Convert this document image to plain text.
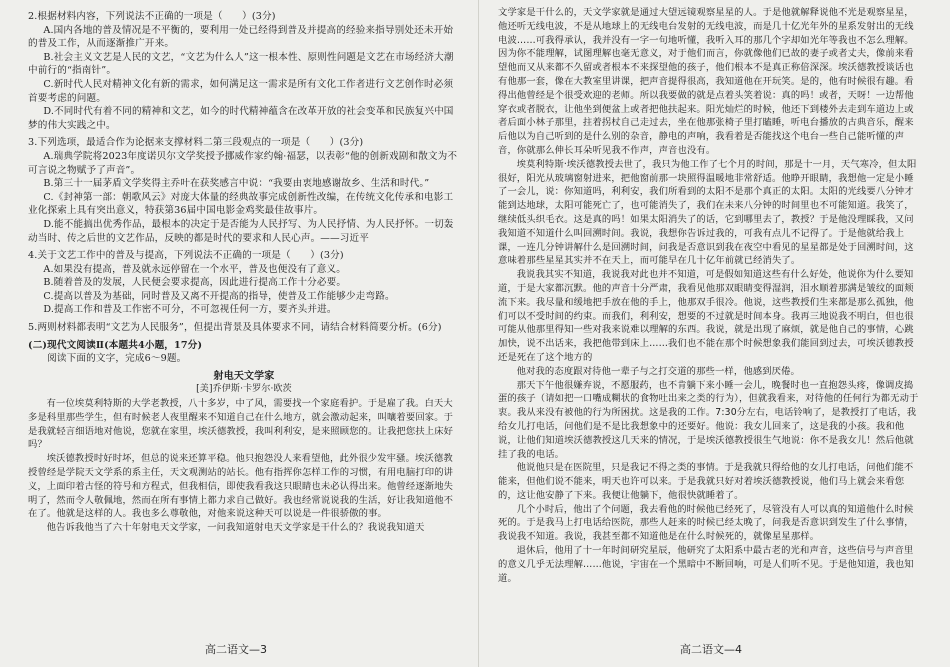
2.根据材料内容，下列说法不正确的一项是（　　）(3分)

A.国内各地的普及情况是不平衡的，要利用一处已经得到普及并提高的经验来指导别处还未开始的普及工作，从而逐渐推广开来。

B.社会主义文艺是人民的文艺，“文艺为什么人”这一根本性、原则性问题是文艺在市场经济大潮中前行的“指南针”。

C.新时代人民对精神文化有新的需求，如何满足这一需求是所有文化工作者进行文艺创作时必须首要考虑的问题。

D.不同时代有着不同的精神和文艺，如今的时代精神蕴含在改革开放的社会变革和民族复兴中国梦的伟大实践之中。

3.下列选项，最适合作为论据来支撑材料二第三段观点的一项是（　　）(3分)

A.瑞典学院将2023年度诺贝尔文学奖授予挪威作家约翰·福瑟，以表彰“他的创新戏剧和散文为不可言说之物赋予了声音”。

B.第三十一届茅盾文学奖得主乔叶在获奖感言中说：“我要由衷地感谢故乡、生活和时代。”

C.《封神第一部：朝歌风云》对庞大体量的经典故事完成创新性改编，在传统文化传承和电影工业化探索上具有突出意义，特获第36届中国电影金鸡奖最佳故事片。

D.能不能搞出优秀作品，最根本的决定于是否能为人民抒写、为人民抒情、为人民抒怀。一切轰动当时、传之后世的文艺作品，反映的都是时代的要求和人民心声。——习近平

4.关于文艺工作中的普及与提高，下列说法不正确的一项是（　　）(3分)

A.如果没有提高，普及就永远停留在一个水平，普及也便没有了意义。

B.随着普及的发展，人民便会要求提高，因此进行提高工作十分必要。

C.提高以普及为基础，同时普及又离不开提高的指导，使普及工作能够少走弯路。

D.提高工作和普及工作密不可分，不可忽视任何一方，要齐头并进。

5.两则材料都表明“文艺为人民服务”，但提出背景及具体要求不同，请结合材料简要分析。(6分)

(二)现代文阅读Ⅱ(本题共4小题，17分)

阅读下面的文字，完成6～9题。

射电天文学家

[美]乔伊斯·卡罗尔·欧茨

有一位埃莫利特斯的大学老教授，八十多岁，中了风，需要找一个家庭看护。于是雇了我。白天大多是科里那些学生，但有时候老人夜里醒来不知道自己在什么地方，就会激动起来，叫嚷着要回家。于是我就轻言细语地对他说，您就在家里，埃沃德教授，我叫利利安，是来照顾您的。让我把您扶上床好吗？

埃沃德教授时好时坏，但总的说来还算平稳。他只抱怨没人来看望他，此外很少发牢骚。埃沃德教授曾经是学院天文学系的系主任，天文观测站的站长。他有指挥你怎样工作的习惯，有用电脑打印的讲义，上面印着古怪的符号和方程式，但我相信，即使我看我这只眼睛也未必认得出来。他曾经逐渐地失明了，然而令人敬佩地，然而在所有事情上都力求自己做好。我也经常说说我的生活，好让我知道他不在了。他就是这样的人。我也多么尊敬他，对他来说这种天可以说是一件很骄傲的事。

他告诉我他当了六十年射电天文学家，一问我知道射电天文学家是干什么的？我说我知道天

文学家是干什么的，天文学家就是通过大望远镜观察星星的人。于是他就解释说他不光是观察星星，他还听无线电波，不是从地球上的无线电台发射的无线电波，而是几十亿光年外的星系发射出的无线电波……可我得承认，我并没有一字一句地听懂，我听入耳的那几个字却如光年等我也不怎么理解。因为你不能理解，试图理解也毫无意义，对于他们而言，你就像他们已故的妻子或者丈夫，像前来看望他而又从来都不久留或者根本不来探望他的孩子，他们根本不是真正称倍深深。埃沃德教授谈话也有他那一套，像在大教室里讲课，把声音提得很高，我知道他在开玩笑。是的，他有时候很有趣。看得出他曾经是个很受欢迎的老师。所以我要做的就是点着头笑着说：真的吗！或者，天呀！一边帮他穿衣或者脱衣，让他坐到便盆上或者把他扶起来。阳光灿烂的时候，他还下到楼外去走到车道边上或者后面小林子那里，拄着拐杖自己走过去，坐在他那张椅子里打瞌睡，听电台播放的古典音乐，醒来后他以为自己听到的是什么别的杂音，静电的声响，我看着是否能找这个电台一些自己能听懂的声音，你就那么伸长耳朵听见我不作声，声音也没有。

埃莫利特斯·埃沃德教授去世了，我只为他工作了七个月的时间，那是十一月，天气寒冷，但太阳很好，阳光从玻璃窗射进来，把他窗前那一块照得温暖地非常舒适。他睁开眼睛，我想他一定是小睡了一会儿，说：你知道吗，利利安，我们所看到的太阳不是那个真正的太阳。太阳的光线要八分钟才能到达地球，太阳可能死亡了，也可能消失了，我们在未来八分钟的时间里也不可能知道。我笑了，继续低头织毛衣。这是真的吗！如果太阳消失了的话，它到哪里去了，教授？于是他没理睬我，又问我知道不知道什么叫回溯时间。我说，我想你告诉过我的，可我有点儿不记得了。于是他就给我上课，一连几分钟讲解什么是回溯时间，问我是否意识到我在夜空中看见的星星都是处于回溯时间，这意味着那些星星其实并不在天上，而可能早在几十亿年前就已经消失了。

我说我其实不知道，我说我对此也并不知道，可是假如知道这些有什么好处，他说你为什么要知道，于是大家都沉默。他的声音十分严肃，我看见他那双眼睛变得湿润，泪水顺着那满是皱纹的面颊流下来。我尽量和缓地把手放在他的手上，他那双手很冷。他说，这些教授们生来都是那么孤独，他们可以不受时间的约束。而我们，利利安，想要的不过就是时间本身。我再三地说我不明白，但也很可能从他那里得知一些对我来说难以理解的东西。我说，就是出现了麻烦，就是他自己的事情，心跳加快，说不出话来，我把他带到床上……我们也不能在那个时候想象我们能回到过去，可埃沃德教授还是死在了这个地方的

他对我的态度跟对待他一辈子与之打交道的那些一样，他感到厌倦。

那天下午他很嫌弃说，不愿服药，也不肯躺下来小睡一会儿，晚餐时也一直抱怨头疼，像调皮捣蛋的孩子（请如把一口嘴成糊状的食物吐出来之类的行为），但就我看来，对待他的任何行为都无动于衷。我从来没有被他的行为所困扰。这是我的工作。7:30分左右，电话铃响了，是教授打了电话，我给女儿打电话，问他们是不是比我想象中的还要好。他说：我女儿回来了，这是我的小孩。我和他说，让他们知道埃沃德教授这几天来的情况，于是埃沃德教授很生气地说：你不是我女儿！然后他就挂了我的电话。

他说他只是在医院里，只是我记不得之类的事情。于是我就只得给他的女儿打电话，问他们能不能来，但他们说不能来，明天也许可以来。于是我就只好对着埃沃德教授说，他们马上就会来看您的，这让他安静了下来。我便让他躺下，他很快就睡着了。

几个小时后，他出了个问题，我去看他的时候他已经死了，尽管没有人可以真的知道他什么时候死的。于是我马上打电话给医院，那些人赶来的时候已经太晚了，问我是否意识到发生了什么事情，我说我不知道。我说，我甚至都不知道他是在什么时候死的，就像星星那样。

退休后，他用了十一年时间研究星辰，他研究了太阳系中最古老的光和声音，这些信号与声音里的意义几乎无法理解……他说，宇宙在一个黑暗中不断回响，可是人们听不见。于是他知道，我也知道。

高二语文—3	高二语文—4
